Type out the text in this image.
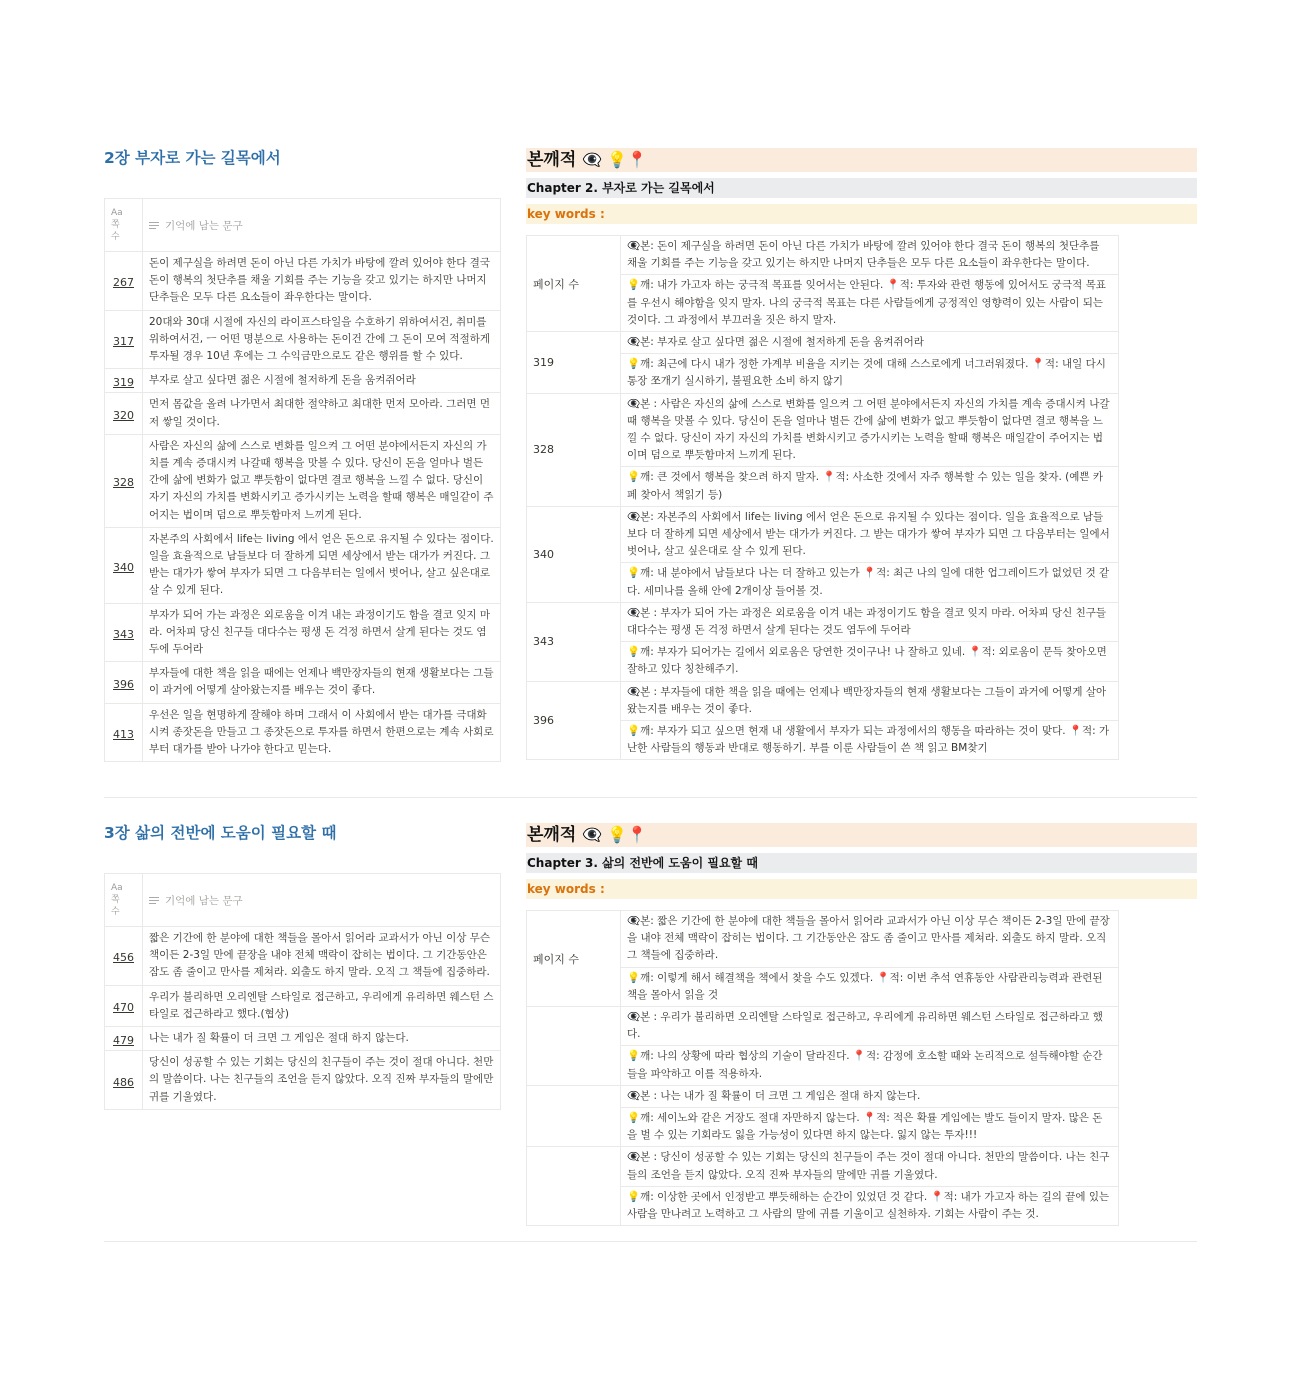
2장 부자로 가는 길목에서
Aa
쪽
수	기억에 남는 문구
267	돈이 제구실을 하려면 돈이 아닌 다른 가치가 바탕에 깔려 있어야 한다 결국 돈이 행복의 첫단추를 채울 기회를 주는 기능을 갖고 있기는 하지만 나머지 단추들은 모두 다른 요소들이 좌우한다는 말이다.
317	20대와 30대 시절에 자신의 라이프스타일을 수호하기 위하여서건, 취미를 위하여서건, ㅡ 어떤 명분으로 사용하는 돈이건 간에 그 돈이 모여 적절하게 투자될 경우 10년 후에는 그 수익금만으로도 같은 행위를 할 수 있다.
319	부자로 살고 싶다면 젊은 시절에 철저하게 돈을 움켜쥐어라
320	먼저 몸값을 올려 나가면서 최대한 절약하고 최대한 먼저 모아라. 그러면 먼저 쌓일 것이다.
328	사람은 자신의 삶에 스스로 변화를 일으켜 그 어떤 분야에서든지 자신의 가치를 계속 증대시켜 나갈때 행복을 맛볼 수 있다. 당신이 돈을 얼마나 벌든 간에 삶에 변화가 없고 뿌듯함이 없다면 결코 행복을 느낄 수 없다. 당신이 자기 자신의 가치를 변화시키고 증가시키는 노력을 할때 행복은 매일같이 주어지는 법이며 덤으로 뿌듯함마저 느끼게 된다.
340	자본주의 사회에서 life는 living 에서 얻은 돈으로 유지될 수 있다는 점이다. 일을 효율적으로 남들보다 더 잘하게 되면 세상에서 받는 대가가 커진다. 그 받는 대가가 쌓여 부자가 되면 그 다음부터는 일에서 벗어나, 살고 싶은대로 살 수 있게 된다.
343	부자가 되어 가는 과정은 외로움을 이겨 내는 과정이기도 함을 결코 잊지 마라. 어차피 당신 친구들 대다수는 평생 돈 걱정 하면서 살게 된다는 것도 염두에 두어라
396	부자들에 대한 책을 읽을 때에는 언제나 백만장자들의 현재 생활보다는 그들이 과거에 어떻게 살아왔는지를 배우는 것이 좋다.
413	우선은 일을 현명하게 잘해야 하며 그래서 이 사회에서 받는 대가를 극대화 시켜 종잣돈을 만들고 그 종잣돈으로 투자를 하면서 한편으로는 계속 사회로부터 대가를 받아 나가야 한다고 믿는다.
본깨적 👁‍🗨 💡📍
Chapter 2. 부자로 가는 길목에서
key words :
페이지 수	👁‍🗨본: 돈이 제구실을 하려면 돈이 아닌 다른 가치가 바탕에 깔려 있어야 한다 결국 돈이 행복의 첫단추를 채울 기회를 주는 기능을 갖고 있기는 하지만 나머지 단추들은 모두 다른 요소들이 좌우한다는 말이다.
	💡깨: 내가 가고자 하는 궁극적 목표를 잊어서는 안된다. 📍적: 투자와 관련 행동에 있어서도 궁극적 목표를 우선시 해야함을 잊지 말자. 나의 궁극적 목표는 다른 사람들에게 긍정적인 영향력이 있는 사람이 되는 것이다. 그 과정에서 부끄러울 짓은 하지 말자.
319	👁‍🗨본: 부자로 살고 싶다면 젊은 시절에 철저하게 돈을 움켜쥐어라
	💡깨: 최근에 다시 내가 정한 가계부 비율을 지키는 것에 대해 스스로에게 너그러워졌다. 📍적: 내일 다시 통장 쪼개기 실시하기, 불필요한 소비 하지 않기
328	👁‍🗨본 : 사람은 자신의 삶에 스스로 변화를 일으켜 그 어떤 분야에서든지 자신의 가치를 계속 증대시켜 나갈때 행복을 맛볼 수 있다. 당신이 돈을 얼마나 벌든 간에 삶에 변화가 없고 뿌듯함이 없다면 결코 행복을 느낄 수 없다. 당신이 자기 자신의 가치를 변화시키고 증가시키는 노력을 할때 행복은 매일같이 주어지는 법이며 덤으로 뿌듯함마저 느끼게 된다.
	💡깨: 큰 것에서 행복을 찾으려 하지 말자. 📍적: 사소한 것에서 자주 행복할 수 있는 일을 찾자. (예쁜 카페 찾아서 책읽기 등)
340	👁‍🗨본: 자본주의 사회에서 life는 living 에서 얻은 돈으로 유지될 수 있다는 점이다. 일을 효율적으로 남들보다 더 잘하게 되면 세상에서 받는 대가가 커진다. 그 받는 대가가 쌓여 부자가 되면 그 다음부터는 일에서 벗어나, 살고 싶은대로 살 수 있게 된다.
	💡깨: 내 분야에서 남들보다 나는 더 잘하고 있는가 📍적: 최근 나의 일에 대한 업그레이드가 없었던 것 같다. 세미나를 올해 안에 2개이상 들어볼 것.
343	👁‍🗨본 : 부자가 되어 가는 과정은 외로움을 이겨 내는 과정이기도 함을 결코 잊지 마라. 어차피 당신 친구들 대다수는 평생 돈 걱정 하면서 살게 된다는 것도 염두에 두어라
	💡깨: 부자가 되어가는 길에서 외로움은 당연한 것이구나! 나 잘하고 있네. 📍적: 외로움이 문득 찾아오면 잘하고 있다 칭찬해주기.
396	👁‍🗨본 : 부자들에 대한 책을 읽을 때에는 언제나 백만장자들의 현재 생활보다는 그들이 과거에 어떻게 살아왔는지를 배우는 것이 좋다.
	💡깨: 부자가 되고 싶으면 현재 내 생활에서 부자가 되는 과정에서의 행동을 따라하는 것이 맞다. 📍적: 가난한 사람들의 행동과 반대로 행동하기. 부를 이룬 사람들이 쓴 책 읽고 BM찾기
3장 삶의 전반에 도움이 필요할 때
Aa
쪽
수	기억에 남는 문구
456	짧은 기간에 한 분야에 대한 책들을 몰아서 읽어라 교과서가 아닌 이상 무슨 책이든 2-3일 만에 끝장을 내야 전체 맥락이 잡히는 법이다. 그 기간동안은 잠도 좀 줄이고 만사를 제쳐라. 외출도 하지 말라. 오직 그 책들에 집중하라.
470	우리가 불리하면 오리엔탈 스타일로 접근하고, 우리에게 유리하면 웨스턴 스타일로 접근하라고 했다.(협상)
479	나는 내가 질 확률이 더 크면 그 게임은 절대 하지 않는다.
486	당신이 성공할 수 있는 기회는 당신의 친구들이 주는 것이 절대 아니다. 천만의 말씀이다. 나는 친구들의 조언을 듣지 않았다. 오직 진짜 부자들의 말에만 귀를 기울였다.
본깨적 👁‍🗨 💡📍
Chapter 3. 삶의 전반에 도움이 필요할 때
key words :
페이지 수	👁‍🗨본: 짧은 기간에 한 분야에 대한 책들을 몰아서 읽어라 교과서가 아닌 이상 무슨 책이든 2-3일 만에 끝장을 내야 전체 맥락이 잡히는 법이다. 그 기간동안은 잠도 좀 줄이고 만사를 제쳐라. 외출도 하지 말라. 오직 그 책들에 집중하라.
	💡깨: 이렇게 해서 해결책을 책에서 찾을 수도 있겠다. 📍적: 이번 추석 연휴동안 사람관리능력과 관련된 책을 몰아서 읽을 것
	👁‍🗨본 : 우리가 불리하면 오리엔탈 스타일로 접근하고, 우리에게 유리하면 웨스턴 스타일로 접근하라고 했다.
	💡깨: 나의 상황에 따라 협상의 기술이 달라진다. 📍적: 감정에 호소할 때와 논리적으로 설득해야할 순간들을 파악하고 이를 적용하자.
	👁‍🗨본 : 나는 내가 질 확률이 더 크면 그 게임은 절대 하지 않는다.
	💡깨: 세이노와 같은 거장도 절대 자만하지 않는다. 📍적: 적은 확률 게임에는 발도 들이지 말자. 많은 돈을 벌 수 있는 기회라도 잃을 가능성이 있다면 하지 않는다. 잃지 않는 투자!!!
	👁‍🗨본 : 당신이 성공할 수 있는 기회는 당신의 친구들이 주는 것이 절대 아니다. 천만의 말씀이다. 나는 친구들의 조언을 듣지 않았다. 오직 진짜 부자들의 말에만 귀를 기울였다.
	💡깨: 이상한 곳에서 인정받고 뿌듯해하는 순간이 있었던 것 같다. 📍적: 내가 가고자 하는 길의 끝에 있는 사람을 만나려고 노력하고 그 사람의 말에 귀를 기울이고 실천하자. 기회는 사람이 주는 것.
